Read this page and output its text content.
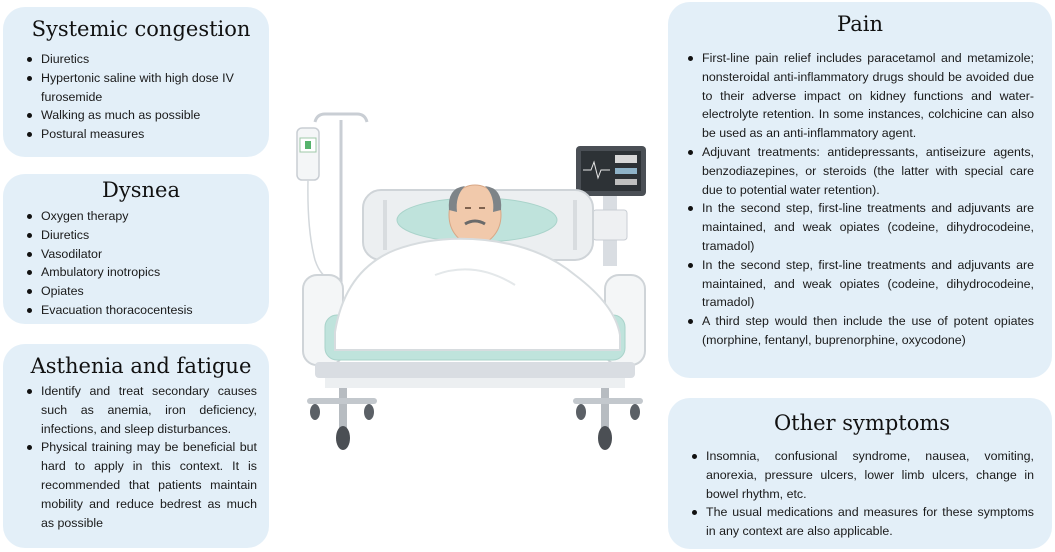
Systemic congestion
Diuretics
Hypertonic saline with high dose IV furosemide
Walking as much as possible
Postural measures
Dysnea
Oxygen therapy
Diuretics
Vasodilator
Ambulatory inotropics
Opiates
Evacuation thoracocentesis
Asthenia and fatigue
Identify and treat secondary causes such as anemia, iron deficiency, infections, and sleep disturbances.
Physical training may be beneficial but hard to apply in this context. It is recommended that patients maintain mobility and reduce bedrest as much as possible
Pain
First-line pain relief includes paracetamol and metamizole; nonsteroidal anti-inflammatory drugs should be avoided due to their adverse impact on kidney functions and water-electrolyte retention. In some instances, colchicine can also be used as an anti-inflammatory agent.
Adjuvant treatments: antidepressants, antiseizure agents, benzodiazepines, or steroids (the latter with special care due to potential water retention).
In the second step, first-line treatments and adjuvants are maintained, and weak opiates (codeine, dihydrocodeine, tramadol)
In the second step, first-line treatments and adjuvants are maintained, and weak opiates (codeine, dihydrocodeine, tramadol)
A third step would then include the use of potent opiates (morphine, fentanyl, buprenorphine, oxycodone)
Other symptoms
Insomnia, confusional syndrome, nausea, vomiting, anorexia, pressure ulcers, lower limb ulcers, change in bowel rhythm, etc.
The usual medications and measures for these symptoms in any context are also applicable.
